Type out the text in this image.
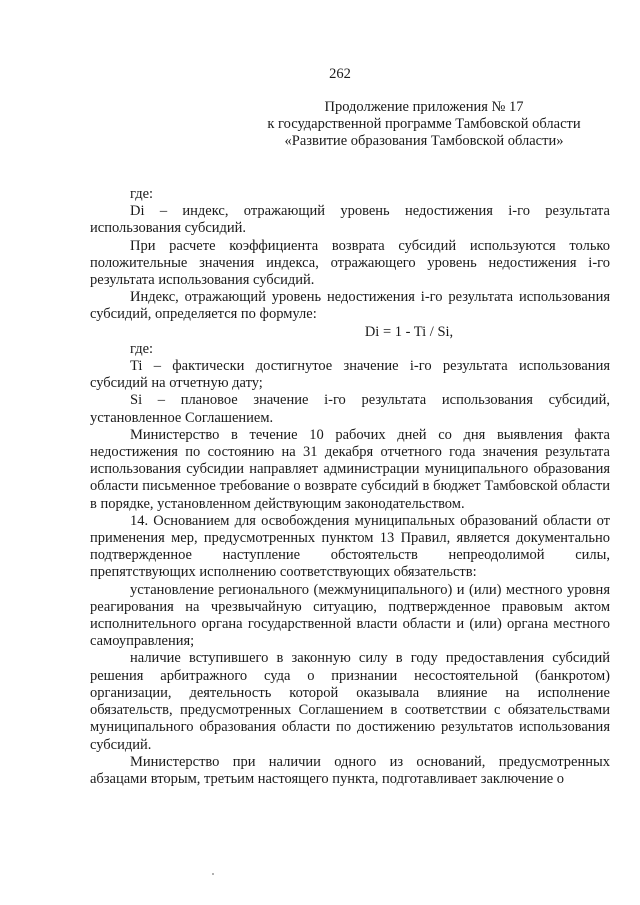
262
Продолжение приложения № 17
к государственной программе Тамбовской области
«Развитие образования Тамбовской области»

где:

Di – индекс, отражающий уровень недостижения i-го результата использования субсидий.

При расчете коэффициента возврата субсидий используются только положительные значения индекса, отражающего уровень недостижения i-го результата использования субсидий.

Индекс, отражающий уровень недостижения i-го результата использования субсидий, определяется по формуле:

Di = 1 - Ti / Si,

где:

Ti – фактически достигнутое значение i-го результата использования субсидий на отчетную дату;

Si – плановое значение i-го результата использования субсидий, установленное Соглашением.

Министерство в течение 10 рабочих дней со дня выявления факта недостижения по состоянию на 31 декабря отчетного года значения результата использования субсидии направляет администрации муниципального образования области письменное требование о возврате субсидий в бюджет Тамбовской области в порядке, установленном действующим законодательством.

14. Основанием для освобождения муниципальных образований области от применения мер, предусмотренных пунктом 13 Правил, является документально подтвержденное наступление обстоятельств непреодолимой силы, препятствующих исполнению соответствующих обязательств:

установление регионального (межмуниципального) и (или) местного уровня реагирования на чрезвычайную ситуацию, подтвержденное правовым актом исполнительного органа государственной власти области и (или) органа местного самоуправления;

наличие вступившего в законную силу в году предоставления субсидий решения арбитражного суда о признании несостоятельной (банкротом) организации, деятельность которой оказывала влияние на исполнение обязательств, предусмотренных Соглашением в соответствии с обязательствами муниципального образования области по достижению результатов использования субсидий.

Министерство при наличии одного из оснований, предусмотренных абзацами вторым, третьим настоящего пункта, подготавливает заключение о
